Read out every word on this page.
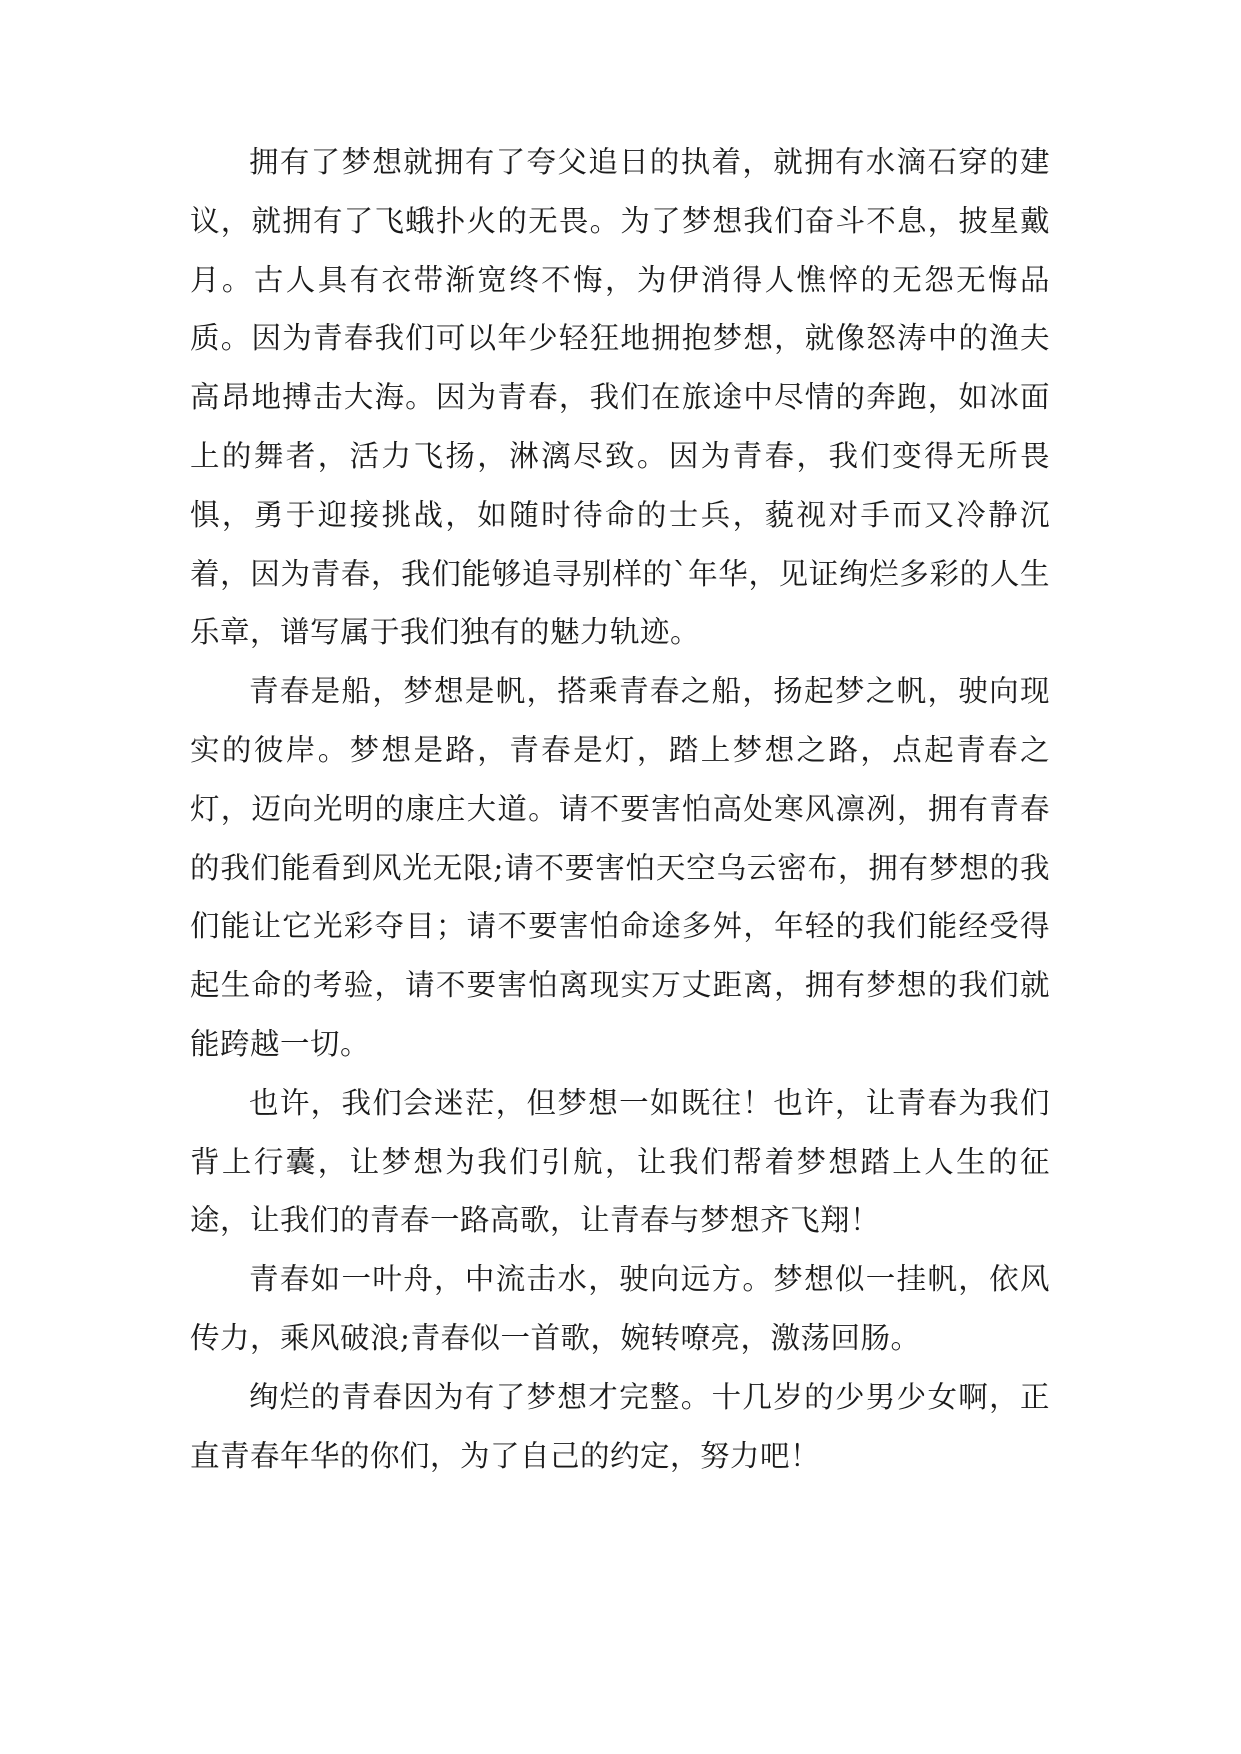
拥有了梦想就拥有了夸父追日的执着，就拥有水滴石穿的建议，就拥有了飞蛾扑火的无畏。为了梦想我们奋斗不息，披星戴月。古人具有衣带渐宽终不悔，为伊消得人憔悴的无怨无悔品质。因为青春我们可以年少轻狂地拥抱梦想，就像怒涛中的渔夫高昂地搏击大海。因为青春，我们在旅途中尽情的奔跑，如冰面上的舞者，活力飞扬，淋漓尽致。因为青春，我们变得无所畏惧，勇于迎接挑战，如随时待命的士兵，藐视对手而又冷静沉着，因为青春，我们能够追寻别样的`年华，见证绚烂多彩的人生乐章，谱写属于我们独有的魅力轨迹。

青春是船，梦想是帆，搭乘青春之船，扬起梦之帆，驶向现实的彼岸。梦想是路，青春是灯，踏上梦想之路，点起青春之灯，迈向光明的康庄大道。请不要害怕高处寒风凛冽，拥有青春的我们能看到风光无限;请不要害怕天空乌云密布，拥有梦想的我们能让它光彩夺目；请不要害怕命途多舛，年轻的我们能经受得起生命的考验，请不要害怕离现实万丈距离，拥有梦想的我们就能跨越一切。

也许，我们会迷茫，但梦想一如既往！也许，让青春为我们背上行囊，让梦想为我们引航，让我们帮着梦想踏上人生的征途，让我们的青春一路高歌，让青春与梦想齐飞翔！

青春如一叶舟，中流击水，驶向远方。梦想似一挂帆，依风传力，乘风破浪;青春似一首歌，婉转嘹亮，激荡回肠。

绚烂的青春因为有了梦想才完整。十几岁的少男少女啊，正直青春年华的你们，为了自己的约定，努力吧！
